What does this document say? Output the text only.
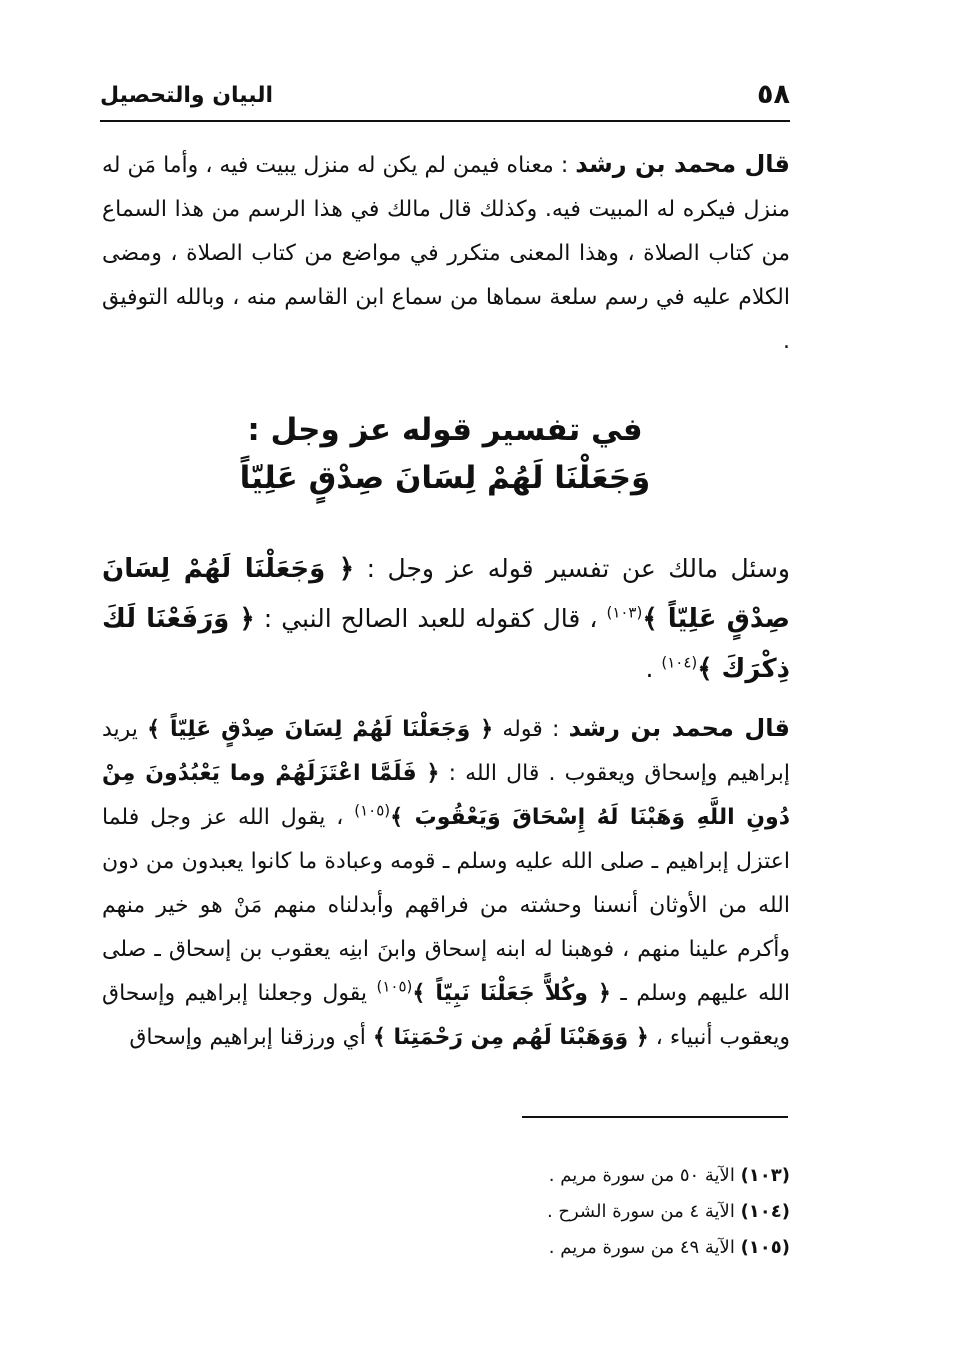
٥٨
البيان والتحصيل

قال محمد بن رشد : معناه فيمن لم يكن له منزل يبيت فيه ، وأما مَن له منزل فيكره له المبيت فيه. وكذلك قال مالك في هذا الرسم من هذا السماع من كتاب الصلاة ، وهذا المعنى متكرر في مواضع من كتاب الصلاة ، ومضى الكلام عليه في رسم سلعة سماها من سماع ابن القاسم منه ، وبالله التوفيق .

في تفسير قوله عز وجل :
وَجَعَلْنَا لَهُمْ لِسَانَ صِدْقٍ عَلِيّاً

وسئل مالك عن تفسير قوله عز وجل : ﴿ وَجَعَلْنَا لَهُمْ لِسَانَ صِدْقٍ عَلِيّاً ﴾$^{(١٠٣)}$ ، قال كقوله للعبد الصالح النبي : ﴿ وَرَفَعْنَا لَكَ ذِكْرَكَ ﴾$^{(١٠٤)}$ .

قال محمد بن رشد : قوله ﴿ وَجَعَلْنَا لَهُمْ لِسَانَ صِدْقٍ عَلِيّاً ﴾ يريد إبراهيم وإسحاق ويعقوب . قال الله : ﴿ فَلَمَّا اعْتَزَلَهُمْ وما يَعْبُدُونَ مِنْ دُونِ اللَّهِ وَهَبْنَا لَهُ إِسْحَاقَ وَيَعْقُوبَ ﴾$^{(١٠٥)}$ ، يقول الله عز وجل فلما اعتزل إبراهيم ـ صلى الله عليه وسلم ـ قومه وعبادة ما كانوا يعبدون من دون الله من الأوثان أنسنا وحشته من فراقهم وأبدلناه منهم مَنْ هو خير منهم وأكرم علينا منهم ، فوهبنا له ابنه إسحاق وابنَ ابنِه يعقوب بن إسحاق ـ صلى الله عليهم وسلم ـ ﴿ وكُلاًّ جَعَلْنَا نَبِيّاً ﴾$^{(١٠٥)}$ يقول وجعلنا إبراهيم وإسحاق ويعقوب أنبياء ، ﴿ وَوَهَبْنَا لَهُم مِن رَحْمَتِنَا ﴾ أي ورزقنا إبراهيم وإسحاق

(١٠٣) الآية ٥٠ من سورة مريم .
(١٠٤) الآية ٤ من سورة الشرح .
(١٠٥) الآية ٤٩ من سورة مريم .
